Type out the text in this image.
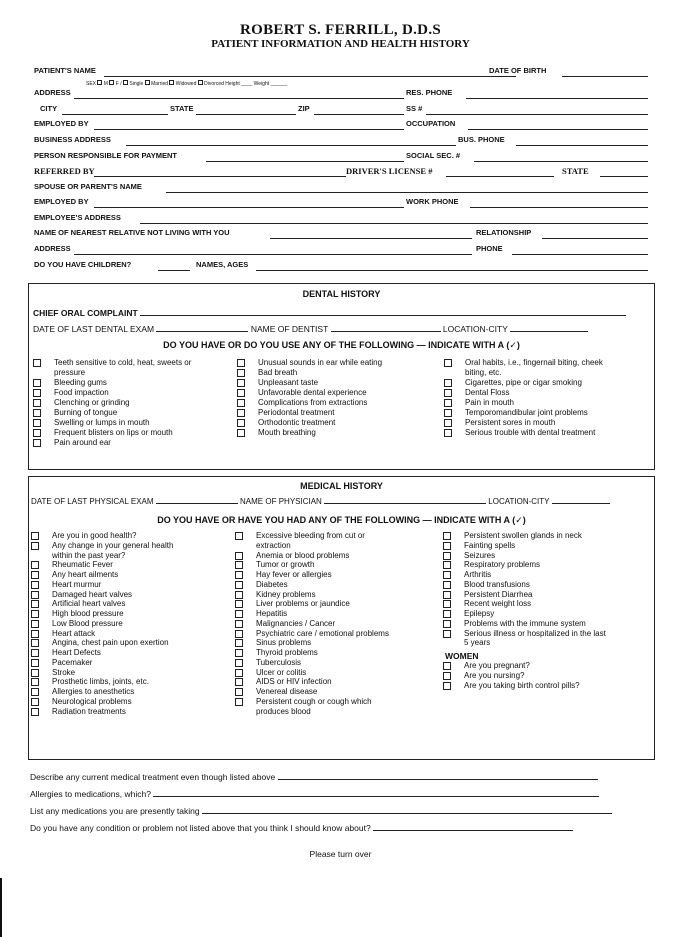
ROBERT S. FERRILL, D.D.S
PATIENT INFORMATION AND HEALTH HISTORY
PATIENT'S NAME	DATE OF BIRTH
SEX M F /  Single Married Widowed Divorced Height ____ Weight ______
ADDRESS	RES. PHONE
CITY	STATE	ZIP	SS #
EMPLOYED BY	OCCUPATION
BUSINESS ADDRESS	BUS. PHONE
PERSON RESPONSIBLE FOR PAYMENT	SOCIAL SEC. #
REFERRED BY	DRIVER'S LICENSE #	STATE
SPOUSE OR PARENT'S NAME
EMPLOYED BY	WORK PHONE
EMPLOYEE'S ADDRESS
NAME OF NEAREST RELATIVE NOT LIVING WITH YOU	RELATIONSHIP
ADDRESS	PHONE
DO YOU HAVE CHILDREN?	NAMES, AGES
DENTAL HISTORY
CHIEF ORAL COMPLAINT
DATE OF LAST DENTAL EXAM	NAME OF DENTIST	LOCATION-CITY
DO YOU HAVE OR DO YOU USE ANY OF THE FOLLOWING — INDICATE WITH A (✓)
Teeth sensitive to cold, heat, sweets or
pressure
Bleeding gums
Food impaction
Clenching or grinding
Burning of tongue
Swelling or lumps in mouth
Frequent blisters on lips or mouth
Pain around ear
Unusual sounds in ear while eating
Bad breath
Unpleasant taste
Unfavorable dental experience
Complications from extractions
Periodontal treatment
Orthodontic treatment
Mouth breathing
Oral habits, i.e., fingernail biting, cheek
biting, etc.
Cigarettes, pipe or cigar smoking
Dental Floss
Pain in mouth
Temporomandibular joint problems
Persistent sores in mouth
Serious trouble with dental treatment
MEDICAL HISTORY
DATE OF LAST PHYSICAL EXAM	NAME OF PHYSICIAN	LOCATION-CITY
DO YOU HAVE OR HAVE YOU HAD ANY OF THE FOLLOWING — INDICATE WITH A (✓)
Are you in good health?
Any change in your general health
within the past year?
Rheumatic Fever
Any heart ailments
Heart murmur
Damaged heart valves
Artificial heart valves
High blood pressure
Low Blood pressure
Heart attack
Angina, chest pain upon exertion
Heart Defects
Pacemaker
Stroke
Prosthetic limbs, joints, etc.
Allergies to anesthetics
Neurological problems
Radiation treatments
Excessive bleeding from cut or
extraction
Anemia or blood problems
Tumor or growth
Hay fever or allergies
Diabetes
Kidney problems
Liver problems or jaundice
Hepatitis
Malignancies / Cancer
Psychiatric care / emotional problems
Sinus problems
Thyroid problems
Tuberculosis
Ulcer or colitis
AIDS or HIV infection
Venereal disease
Persistent cough or cough which
produces blood
Persistent swollen glands in neck
Fainting spells
Seizures
Respiratory problems
Arthritis
Blood transfusions
Persistent Diarrhea
Recent weight loss
Epilepsy
Problems with the immune system
Serious illness or hospitalized in the last
5 years
WOMEN
Are you pregnant?
Are you nursing?
Are you taking birth control pills?
Describe any current medical treatment even though listed above
Allergies to medications, which?
List any medications you are presently taking
Do you have any condition or problem not listed above that you think I should know about?
Please turn over
